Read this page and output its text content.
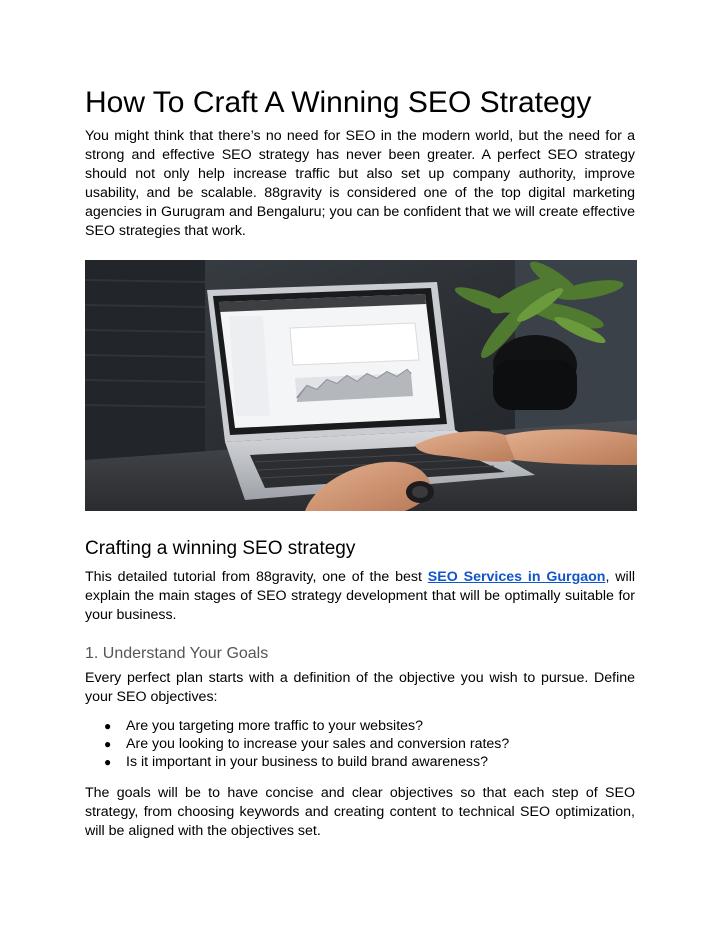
How To Craft A Winning SEO Strategy

You might think that there’s no need for SEO in the modern world, but the need for a strong and effective SEO strategy has never been greater. A perfect SEO strategy should not only help increase traffic but also set up company authority, improve usability, and be scalable. 88gravity is considered one of the top digital marketing agencies in Gurugram and Bengaluru; you can be confident that we will create effective SEO strategies that work.

Crafting a winning SEO strategy

This detailed tutorial from 88gravity, one of the best SEO Services in Gurgaon, will explain the main stages of SEO strategy development that will be optimally suitable for your business.

1. Understand Your Goals

Every perfect plan starts with a definition of the objective you wish to pursue. Define your SEO objectives:

● Are you targeting more traffic to your websites?
● Are you looking to increase your sales and conversion rates?
● Is it important in your business to build brand awareness?

The goals will be to have concise and clear objectives so that each step of SEO strategy, from choosing keywords and creating content to technical SEO optimization, will be aligned with the objectives set.
